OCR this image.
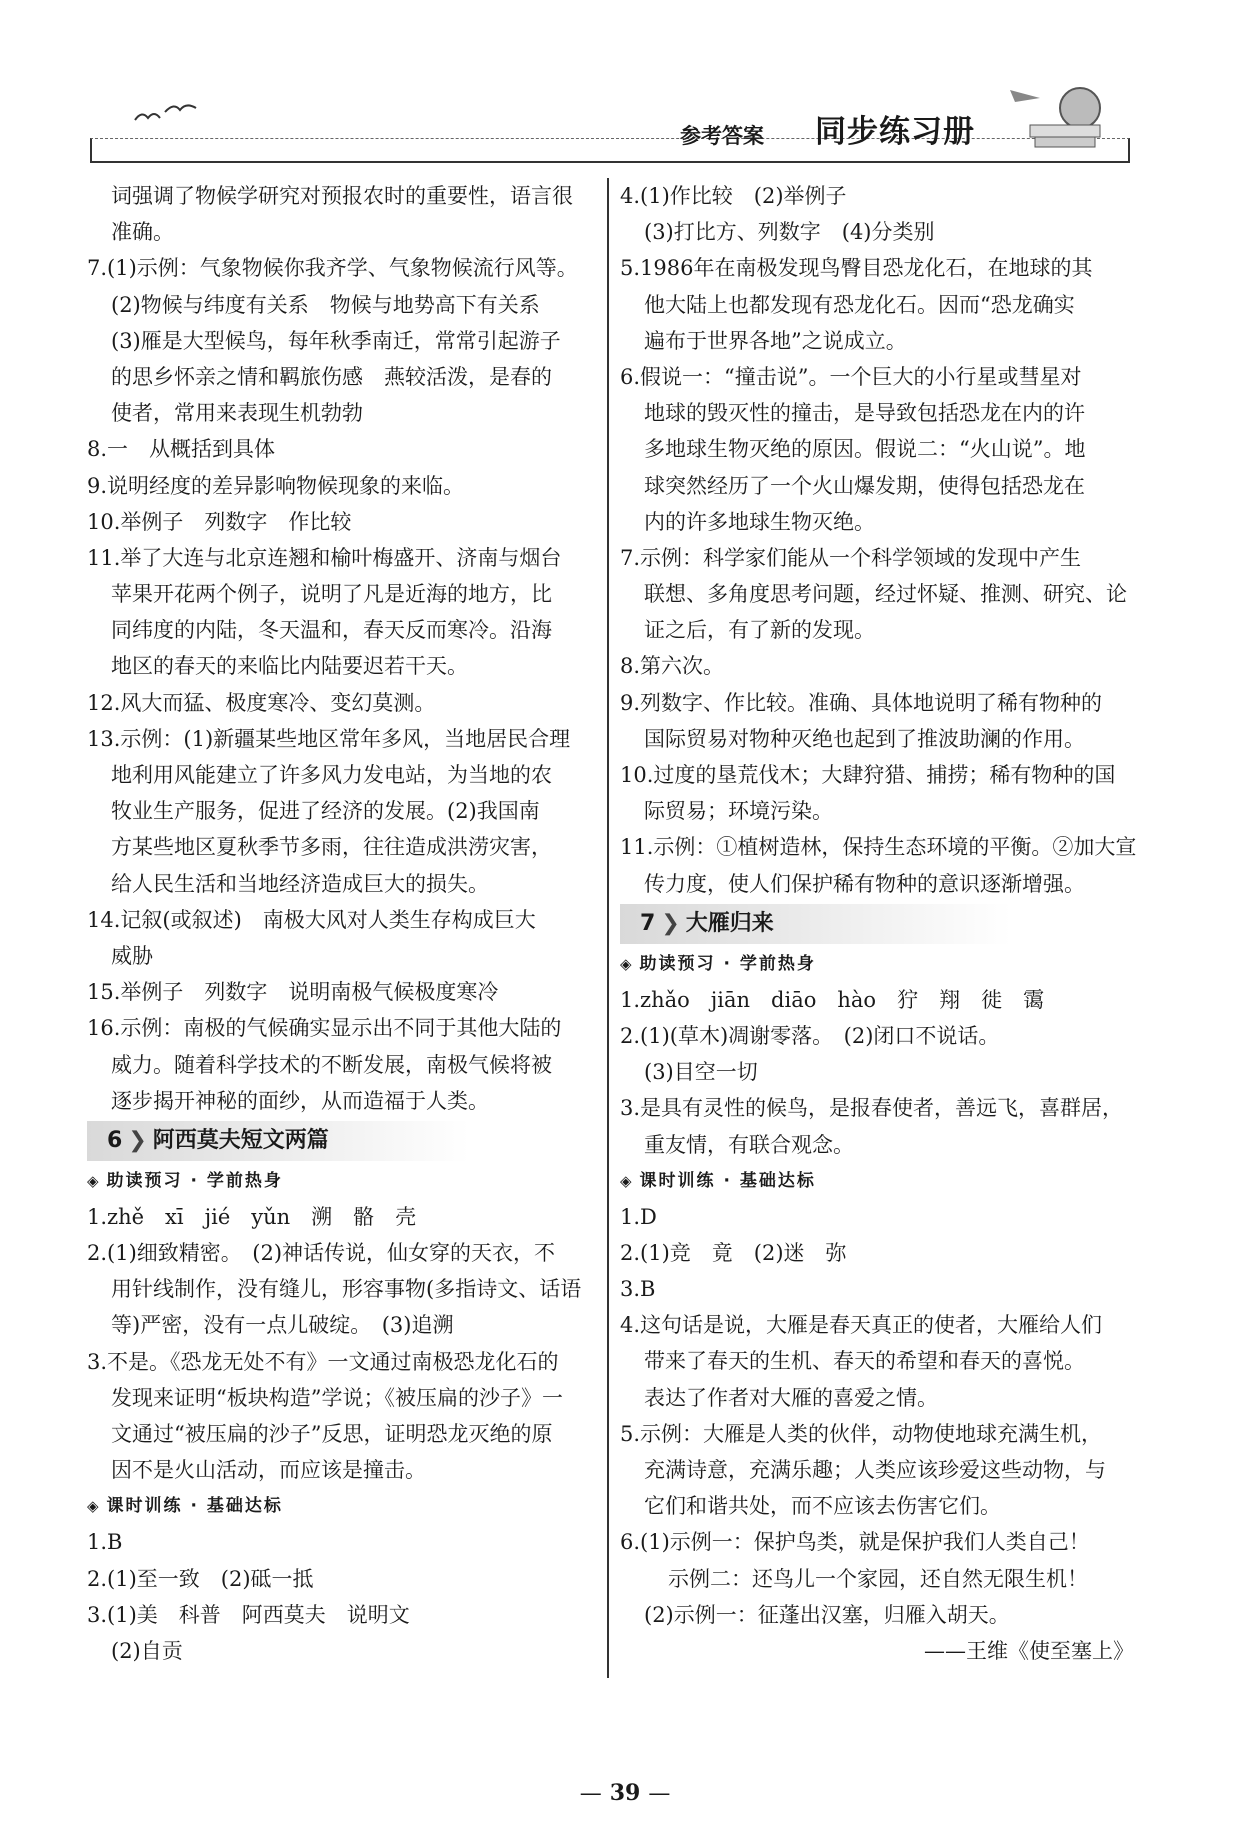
参考答案 同步练习册
词强调了物候学研究对预报农时的重要性，语言很
准确。
7.(1)示例：气象物候你我齐学、气象物候流行风等。
(2)物候与纬度有关系　物候与地势高下有关系
(3)雁是大型候鸟，每年秋季南迁，常常引起游子
的思乡怀亲之情和羁旅伤感　燕较活泼，是春的
使者，常用来表现生机勃勃
8.一　从概括到具体
9.说明经度的差异影响物候现象的来临。
10.举例子　列数字　作比较
11.举了大连与北京连翘和榆叶梅盛开、济南与烟台
苹果开花两个例子，说明了凡是近海的地方，比
同纬度的内陆，冬天温和，春天反而寒冷。沿海
地区的春天的来临比内陆要迟若干天。
12.风大而猛、极度寒冷、变幻莫测。
13.示例：(1)新疆某些地区常年多风，当地居民合理
地利用风能建立了许多风力发电站，为当地的农
牧业生产服务，促进了经济的发展。(2)我国南
方某些地区夏秋季节多雨，往往造成洪涝灾害，
给人民生活和当地经济造成巨大的损失。
14.记叙(或叙述)　南极大风对人类生存构成巨大
威胁
15.举例子　列数字　说明南极气候极度寒冷
16.示例：南极的气候确实显示出不同于其他大陆的
威力。随着科学技术的不断发展，南极气候将被
逐步揭开神秘的面纱，从而造福于人类。
6 ❯ 阿西莫夫短文两篇
◈ 助读预习 · 学前热身
1.zhě　xī　jié　yǔn　溯　骼　壳
2.(1)细致精密。　(2)神话传说，仙女穿的天衣，不
用针线制作，没有缝儿，形容事物(多指诗文、话语
等)严密，没有一点儿破绽。　(3)追溯
3.不是。《恐龙无处不有》一文通过南极恐龙化石的
发现来证明“板块构造”学说；《被压扁的沙子》一
文通过“被压扁的沙子”反思，证明恐龙灭绝的原
因不是火山活动，而应该是撞击。
◈ 课时训练 · 基础达标
1.B
2.(1)至一致　(2)砥一抵
3.(1)美　科普　阿西莫夫　说明文
(2)自贡
4.(1)作比较　(2)举例子
(3)打比方、列数字　(4)分类别
5.1986年在南极发现鸟臀目恐龙化石，在地球的其
他大陆上也都发现有恐龙化石。因而“恐龙确实
遍布于世界各地”之说成立。
6.假说一：“撞击说”。一个巨大的小行星或彗星对
地球的毁灭性的撞击，是导致包括恐龙在内的许
多地球生物灭绝的原因。假说二：“火山说”。地
球突然经历了一个火山爆发期，使得包括恐龙在
内的许多地球生物灭绝。
7.示例：科学家们能从一个科学领域的发现中产生
联想、多角度思考问题，经过怀疑、推测、研究、论
证之后，有了新的发现。
8.第六次。
9.列数字、作比较。准确、具体地说明了稀有物种的
国际贸易对物种灭绝也起到了推波助澜的作用。
10.过度的垦荒伐木；大肆狩猎、捕捞；稀有物种的国
际贸易；环境污染。
11.示例：①植树造林，保持生态环境的平衡。②加大宣
传力度，使人们保护稀有物种的意识逐渐增强。
7 ❯ 大雁归来
◈ 助读预习 · 学前热身
1.zhǎo　jiān　diāo　hào　狞　翔　徙　霭
2.(1)(草木)凋谢零落。　(2)闭口不说话。
(3)目空一切
3.是具有灵性的候鸟，是报春使者，善远飞，喜群居，
重友情，有联合观念。
◈ 课时训练 · 基础达标
1.D
2.(1)竞　竟　(2)迷　弥
3.B
4.这句话是说，大雁是春天真正的使者，大雁给人们
带来了春天的生机、春天的希望和春天的喜悦。
表达了作者对大雁的喜爱之情。
5.示例：大雁是人类的伙伴，动物使地球充满生机，
充满诗意，充满乐趣；人类应该珍爱这些动物，与
它们和谐共处，而不应该去伤害它们。
6.(1)示例一：保护鸟类，就是保护我们人类自己！
示例二：还鸟儿一个家园，还自然无限生机！
(2)示例一：征蓬出汉塞，归雁入胡天。
——王维《使至塞上》
— 39 —
